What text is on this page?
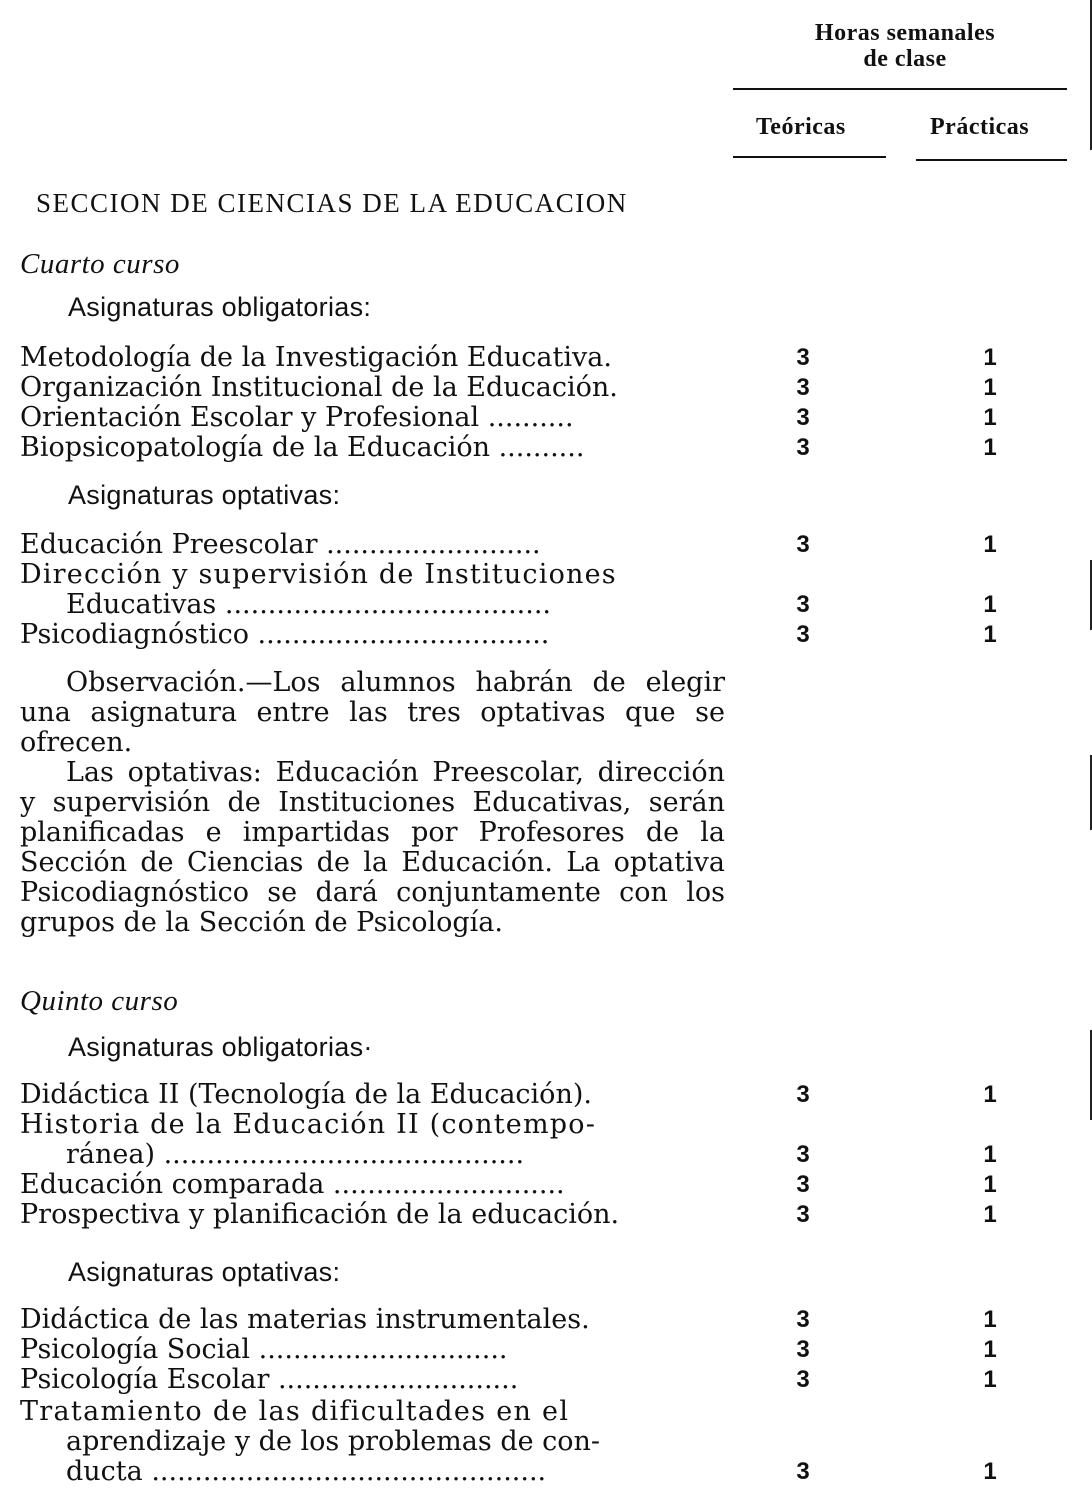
Horas semanales
de clase
Teóricas	Prácticas
SECCION DE CIENCIAS DE LA EDUCACION
Cuarto curso
Asignaturas obligatorias:
Metodología de la Investigación Educativa.	3	1
Organización Institucional de la Educación.	3	1
Orientación Escolar y Profesional ..........	3	1
Biopsicopatología de la Educación ..........	3	1
Asignaturas optativas:
Educación Preescolar .........................	3	1
Dirección y supervisión de Instituciones
Educativas ......................................	3	1
Psicodiagnóstico ..................................	3	1

Observación.—Los alumnos habrán de elegir una asignatura entre las tres optativas que se ofrecen.

Las optativas: Educación Preescolar, dirección y supervisión de Instituciones Educativas, serán planificadas e impartidas por Profesores de la Sección de Ciencias de la Educación. La optativa Psicodiagnóstico se dará conjuntamente con los grupos de la Sección de Psicología.

Quinto curso
Asignaturas obligatorias·
Didáctica II (Tecnología de la Educación).	3	1
Historia de la Educación II (contempo-
ránea) ..........................................	3	1
Educación comparada ...........................	3	1
Prospectiva y planificación de la educación.	3	1
Asignaturas optativas:
Didáctica de las materias instrumentales.	3	1
Psicología Social .............................	3	1
Psicología Escolar ............................	3	1
Tratamiento de las dificultades en el
aprendizaje y de los problemas de con-
ducta ..............................................	3	1
